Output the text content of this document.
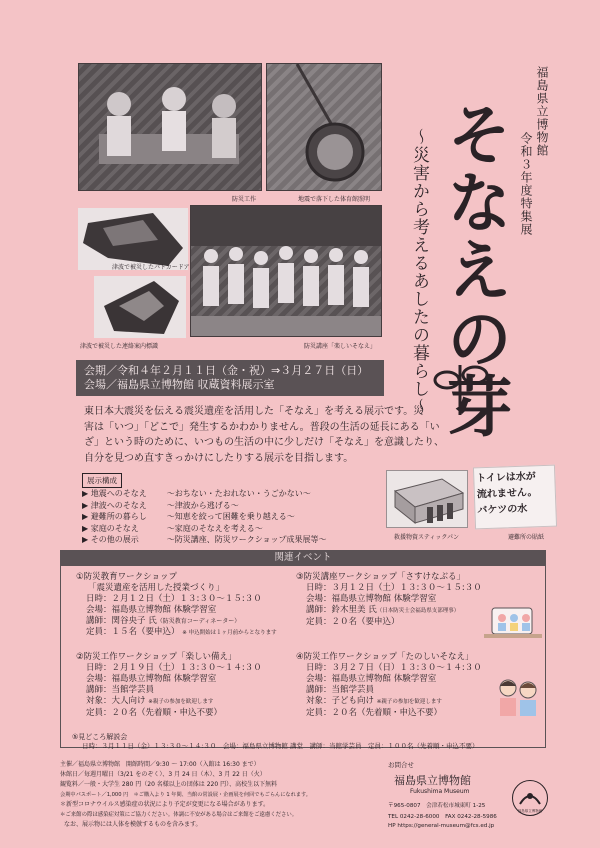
防災工作	地震で落下した体育館照明
津波で被災したパトカードア
津波で被災した連絡案内標識	防災講座「楽しいそなえ」
福島県立博物館
令和３年度特集展
〜災害から考えるあしたの暮らし〜 そなえの芽
会期／令和４年２月１１日（金・祝）⇒３月２７日（日）
会場／福島県立博物館 収蔵資料展示室
東日本大震災を伝える震災遺産を活用した「そなえ」を考える展示です。災
害は「いつ」「どこで」発生するかわかりません。普段の生活の延長にある「い
ざ」という時のために、いつもの生活の中に少しだけ「そなえ」を意識したり、
自分を見つめ直すきっかけにしたりする展示を目指します。
展示構成
▶ 地震へのそなえ	〜おちない・たおれない・うごかない〜
▶ 津波へのそなえ	〜津波から逃げる〜
▶ 避難所の暮らし	〜知恵を絞って困難を乗り越える〜
▶ 家庭のそなえ	〜家庭のそなえを考える〜
▶ その他の展示	〜防災講座、防災ワークショップ成果展等〜	救援物資スティックパン
トイレは水が
流れません。
バケツの水
避難所の貼紙
関連イベント
①防災教育ワークショップ
「震災遺産を活用した授業づくり」
日時：２月１２日（土）１３:３０～１５:３０
会場：福島県立博物館 体験学習室
講師：関谷央子 氏（防災教育コーディネーター）
定員：１５名（要申込） ※ 申込開始は１ヶ月前からとなります
②防災工作ワークショップ「楽しい備え」
日時：２月１９日（土）１３:３０～１４:３０
会場：福島県立博物館 体験学習室
講師：当館学芸員
対象：大人向け ※親子の参加を歓迎します
定員：２０名（先着順・申込不要）
③防災講座ワークショップ「さすけなぶる」
日時：３月１２日（土）１３:３０～１５:３０
会場：福島県立博物館 体験学習室
講師：鈴木里美 氏（日本防災士会福島県支部理事）
定員：２０名（要申込）
④防災工作ワークショップ「たのしいそなえ」
日時：３月２７日（日）１３:３０～１４:３０
会場：福島県立博物館 体験学習室
講師：当館学芸員
対象：子ども向け ※親子の参加を歓迎します
定員：２０名（先着順・申込不要）
⑤見どころ解説会
日時：３月１１日（金）１３:３０～１４:３０　会場：福島県立博物館 講堂　講師：当館学芸員　定員：１００名（先着順・申込不要）
主催／福島県立博物館　開館時間／9:30 ～ 17:00（入館は 16:30 まで）
休館日／毎週月曜日（3/21 をのぞく）、3 月 24 日（木）、3 月 22 日（火）
観覧料／一般・大学生 280 円（20 名様以上の団体は 220 円）、高校生以下無料
会期中パスポート／1,000 円　＊ご購入より 1 年間、当館の常設展・企画展を何回でもごらんになれます。
＊新型コロナウイルス感染症の状況により予定が変更になる場合があります。
＊ご来館の際は感染症対策にご協力ください。体調に不安がある場合はご来館をご遠慮ください。
なお、展示物には人体を模倣するものを含みます。
お問合せ
福島県立博物館
Fukushima Museum
〒965-0807　会津若松市城東町 1-25
TEL 0242-28-6000　FAX 0242-28-5986
HP https://general-museum@fcs.ed.jp
福島県立博物館
